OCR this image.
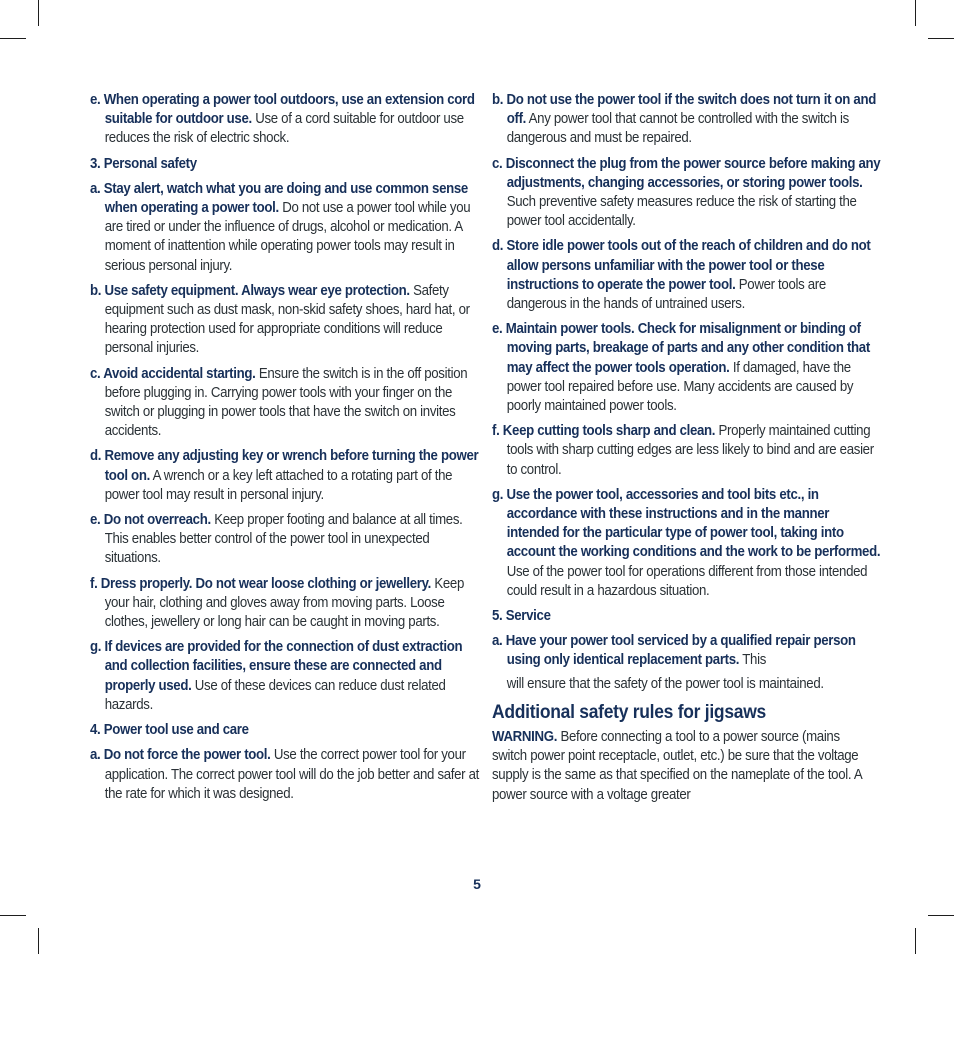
e. When operating a power tool outdoors, use an extension cord suitable for outdoor use. Use of a cord suitable for outdoor use reduces the risk of electric shock.

3. Personal safety

a. Stay alert, watch what you are doing and use common sense when operating a power tool. Do not use a power tool while you are tired or under the influence of drugs, alcohol or medication. A moment of inattention while operating power tools may result in serious personal injury.

b. Use safety equipment. Always wear eye protection. Safety equipment such as dust mask, non-skid safety shoes, hard hat, or hearing protection used for appropriate conditions will reduce personal injuries.

c. Avoid accidental starting. Ensure the switch is in the off position before plugging in. Carrying power tools with your finger on the switch or plugging in power tools that have the switch on invites accidents.

d. Remove any adjusting key or wrench before turning the power tool on. A wrench or a key left attached to a rotating part of the power tool may result in personal injury.

e. Do not overreach. Keep proper footing and balance at all times. This enables better control of the power tool in unexpected situations.

f. Dress properly. Do not wear loose clothing or jewellery. Keep your hair, clothing and gloves away from moving parts. Loose clothes, jewellery or long hair can be caught in moving parts.

g. If devices are provided for the connection of dust extraction and collection facilities, ensure these are connected and properly used. Use of these devices can reduce dust related hazards.

4. Power tool use and care

a. Do not force the power tool. Use the correct power tool for your application. The correct power tool will do the job better and safer at the rate for which it was designed.

b. Do not use the power tool if the switch does not turn it on and off. Any power tool that cannot be controlled with the switch is dangerous and must be repaired.

c. Disconnect the plug from the power source before making any adjustments, changing accessories, or storing power tools. Such preventive safety measures reduce the risk of starting the power tool accidentally.

d. Store idle power tools out of the reach of children and do not allow persons unfamiliar with the power tool or these instructions to operate the power tool. Power tools are dangerous in the hands of untrained users.

e. Maintain power tools. Check for misalignment or binding of moving parts, breakage of parts and any other condition that may affect the power tools operation. If damaged, have the power tool repaired before use. Many accidents are caused by poorly maintained power tools.

f. Keep cutting tools sharp and clean. Properly maintained cutting tools with sharp cutting edges are less likely to bind and are easier to control.

g. Use the power tool, accessories and tool bits etc., in accordance with these instructions and in the manner intended for the particular type of power tool, taking into account the working conditions and the work to be performed. Use of the power tool for operations different from those intended could result in a hazardous situation.

5. Service

a. Have your power tool serviced by a qualified repair person using only identical replacement parts. This

will ensure that the safety of the power tool is maintained.

Additional safety rules for jigsaws

WARNING. Before connecting a tool to a power source (mains switch power point receptacle, outlet, etc.) be sure that the voltage supply is the same as that specified on the nameplate of the tool. A power source with a voltage greater

5
